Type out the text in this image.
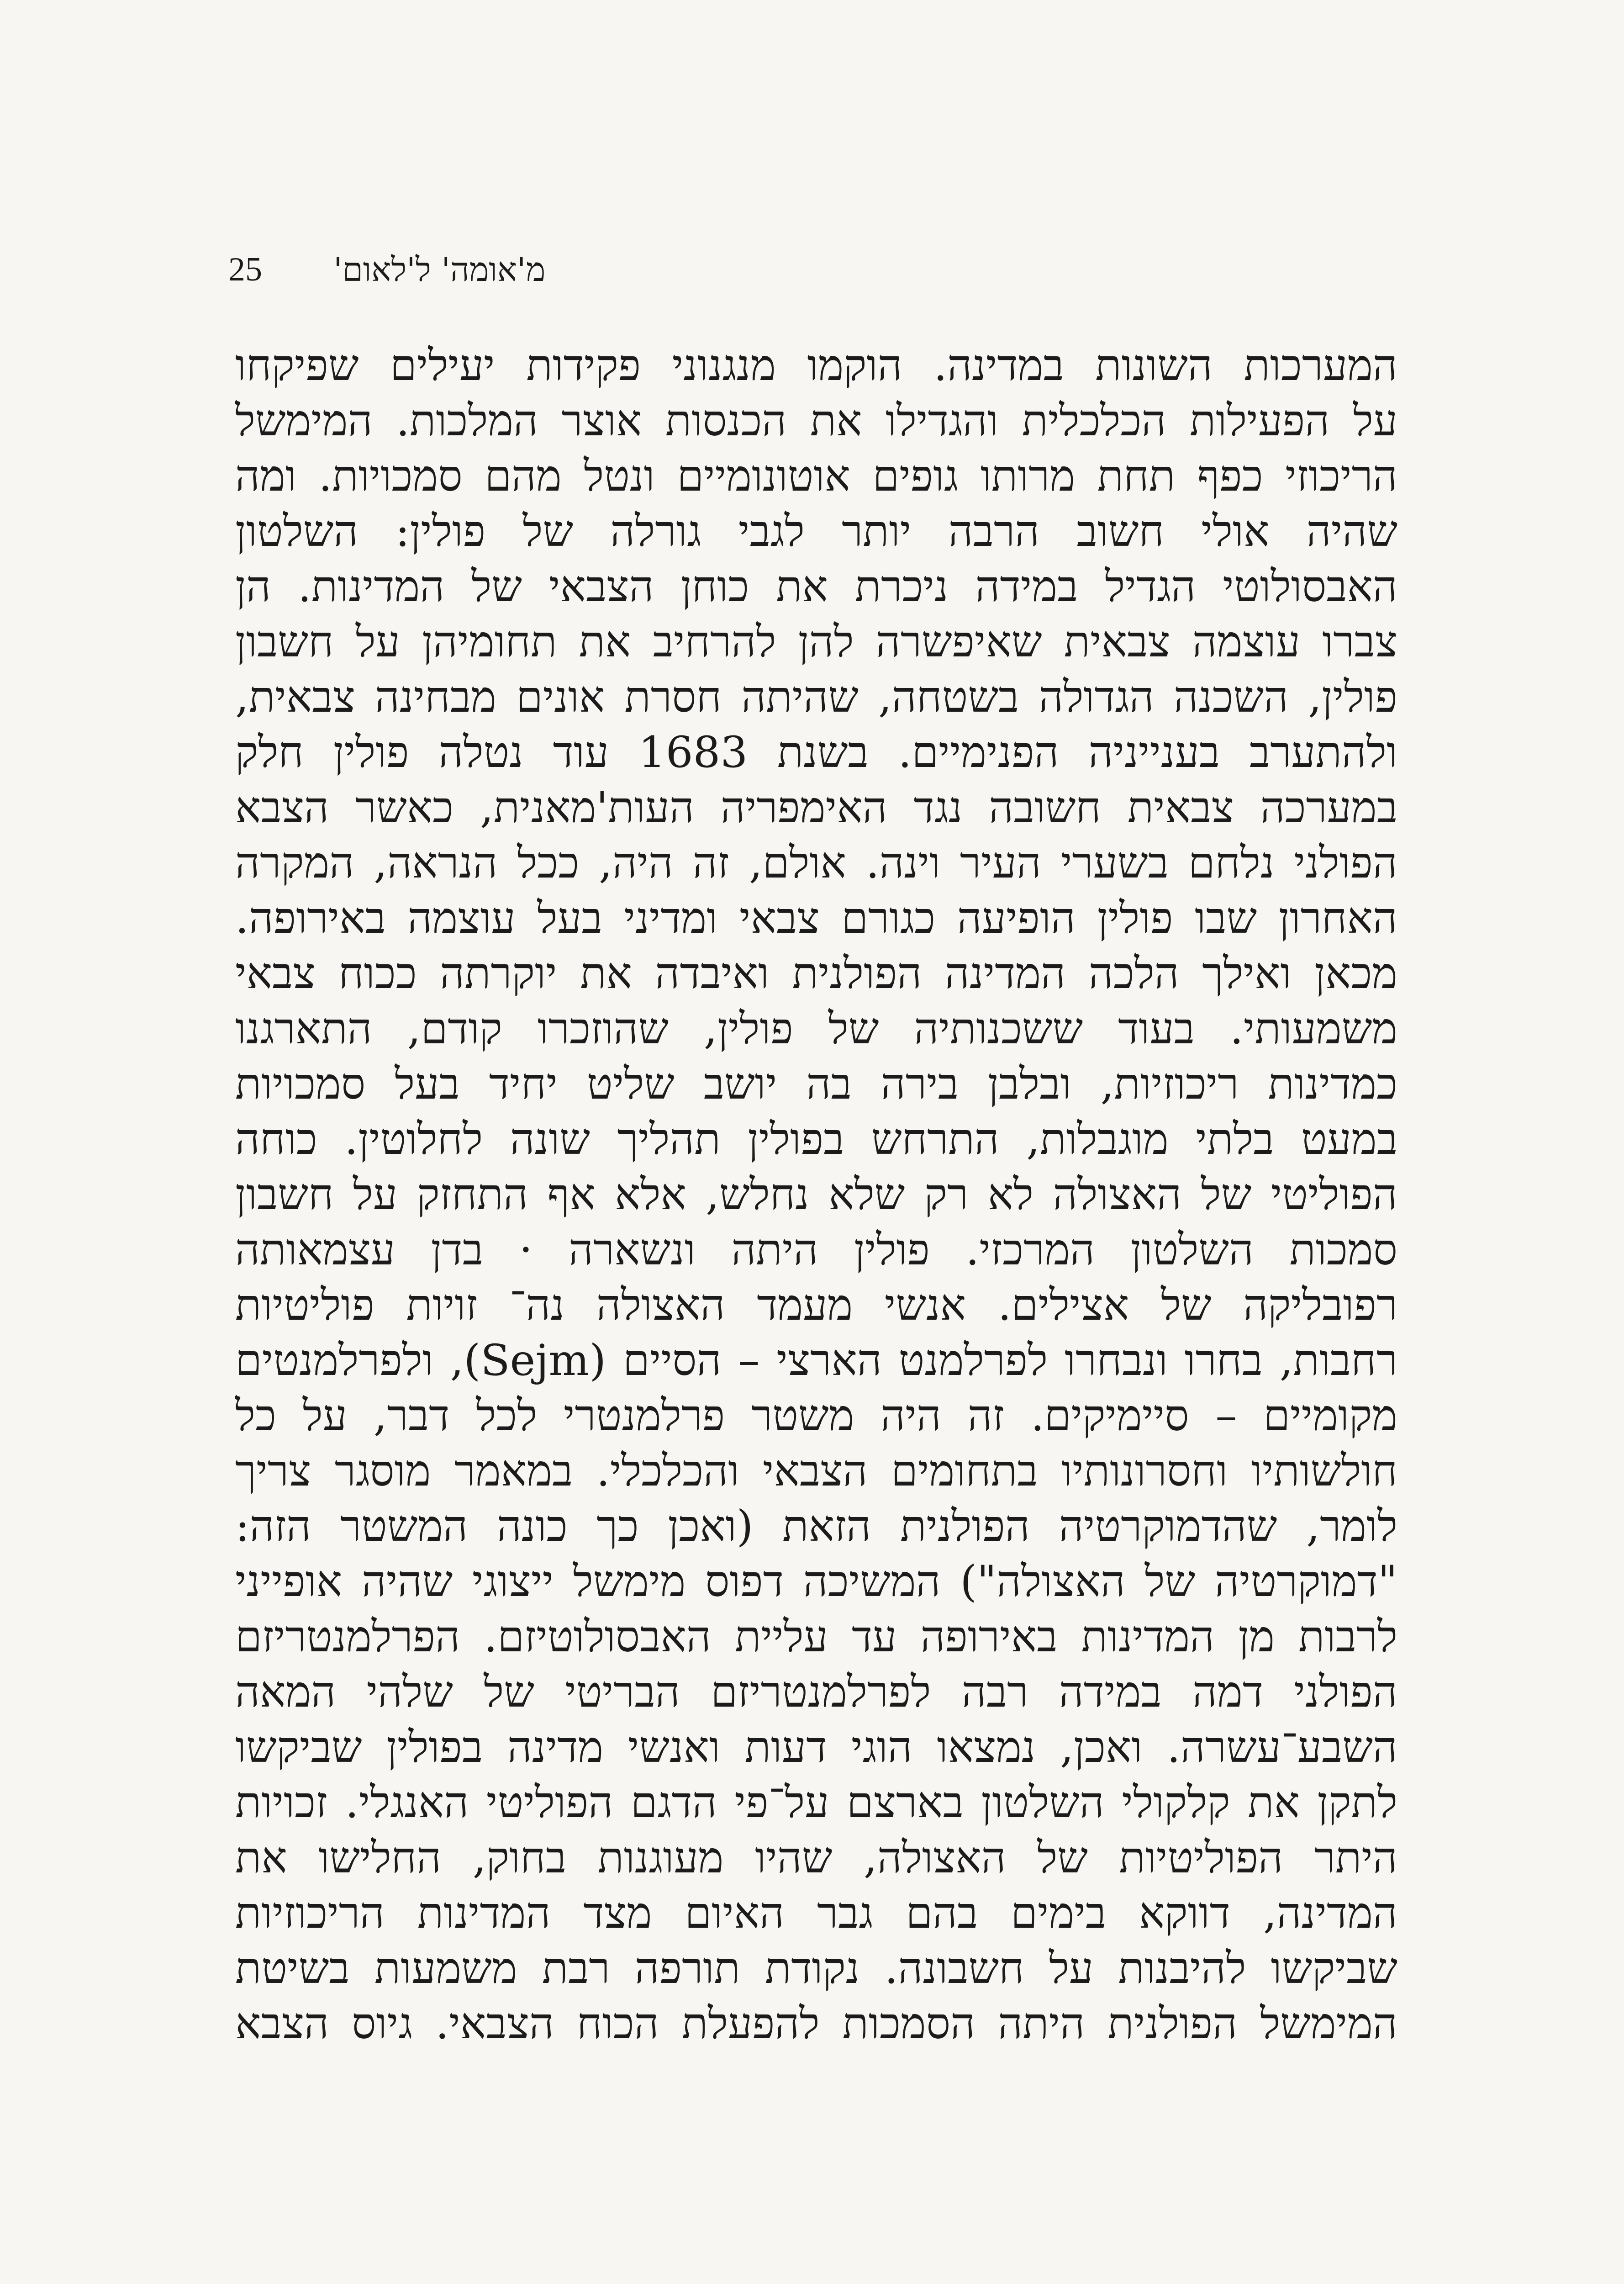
25 מ'אומה' ל'לאום'
המערכות השונות במדינה. הוקמו מנגנוני פקידות יעילים שפיקחו
על הפעילות הכלכלית והגדילו את הכנסות אוצר המלכות. המימשל
הריכוזי כפף תחת מרותו גופים אוטונומיים ונטל מהם סמכויות. ומה
שהיה אולי חשוב הרבה יותר לגבי גורלה של פולין: השלטון
האבסולוטי הגדיל במידה ניכרת את כוחן הצבאי של המדינות. הן
צברו עוצמה צבאית שאיפשרה להן להרחיב את תחומיהן על חשבון
פולין, השכנה הגדולה בשטחה, שהיתה חסרת אונים מבחינה צבאית,
ולהתערב בענייניה הפנימיים. בשנת 1683 עוד נטלה פולין חלק
במערכה צבאית חשובה נגד האימפריה העות'מאנית, כאשר הצבא
הפולני נלחם בשערי העיר וינה. אולם, זה היה, ככל הנראה, המקרה
האחרון שבו פולין הופיעה כגורם צבאי ומדיני בעל עוצמה באירופה.
מכאן ואילך הלכה המדינה הפולנית ואיבדה את יוקרתה ככוח צבאי
משמעותי. בעוד ששכנותיה של פולין, שהוזכרו קודם, התארגנו
כמדינות ריכוזיות, ובלבן בירה בה יושב שליט יחיד בעל סמכויות
במעט בלתי מוגבלות, התרחש בפולין תהליך שונה לחלוטין. כוחה
הפוליטי של האצולה לא רק שלא נחלש, אלא אף התחזק על חשבון
סמכות השלטון המרכזי. פולין היתה ונשארה · בדן עצמאותה
רפובליקה של אצילים. אנשי מעמד האצולה נה־ זויות פוליטיות
רחבות, בחרו ונבחרו לפרלמנט הארצי – הסיים (Sejm), ולפרלמנטים
מקומיים – סיימיקים. זה היה משטר פרלמנטרי לכל דבר, על כל
חולשותיו וחסרונותיו בתחומים הצבאי והכלכלי. במאמר מוסגר צריך
לומר, שהדמוקרטיה הפולנית הזאת (ואכן כך כונה המשטר הזה:
"דמוקרטיה של האצולה") המשיכה דפוס מימשל ייצוגי שהיה אופייני
לרבות מן המדינות באירופה עד עליית האבסולוטיזם. הפרלמנטריזם
הפולני דמה במידה רבה לפרלמנטריזם הבריטי של שלהי המאה
השבע־עשרה. ואכן, נמצאו הוגי דעות ואנשי מדינה בפולין שביקשו
לתקן את קלקולי השלטון בארצם על־פי הדגם הפוליטי האנגלי. זכויות
היתר הפוליטיות של האצולה, שהיו מעוגנות בחוק, החלישו את
המדינה, דווקא בימים בהם גבר האיום מצד המדינות הריכוזיות
שביקשו להיבנות על חשבונה. נקודת תורפה רבת משמעות בשיטת
המימשל הפולנית היתה הסמכות להפעלת הכוח הצבאי. גיוס הצבא
